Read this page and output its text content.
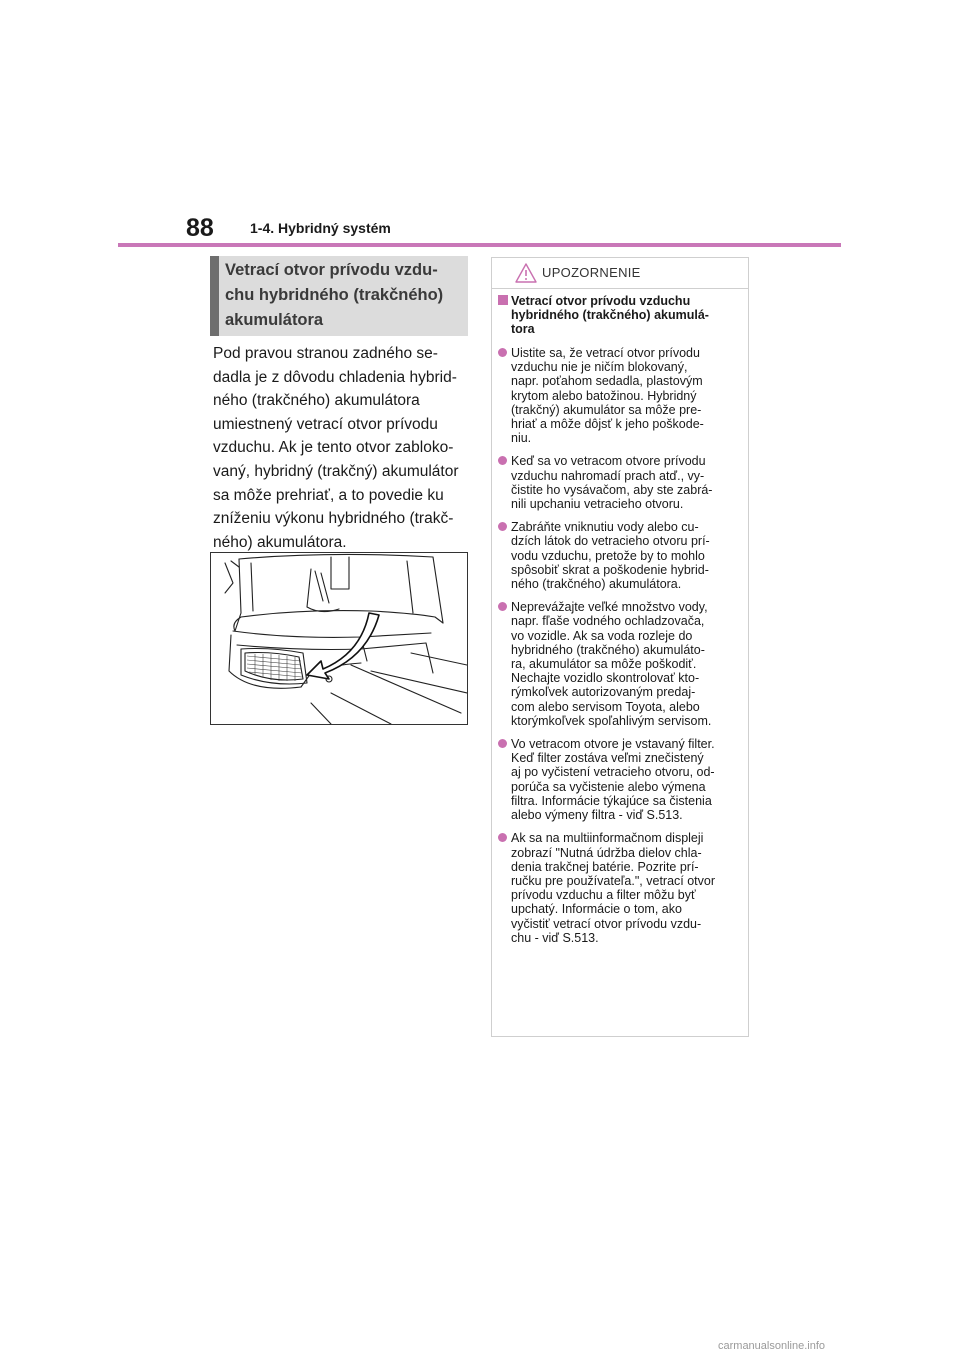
88	1-4. Hybridný systém
Vetrací otvor prívodu vzdu-
chu hybridného (trakčného)
akumulátora
Pod pravou stranou zadného se-
dadla je z dôvodu chladenia hybrid-
ného (trakčného) akumulátora
umiestnený vetrací otvor prívodu
vzduchu. Ak je tento otvor zabloko-
vaný, hybridný (trakčný) akumulátor
sa môže prehriať, a to povedie ku
zníženiu výkonu hybridného (trakč-
ného) akumulátora.
UPOZORNENIE
Vetrací otvor prívodu vzduchu
hybridného (trakčného) akumulá-
tora
Uistite sa, že vetrací otvor prívodu
vzduchu nie je ničím blokovaný,
napr. poťahom sedadla, plastovým
krytom alebo batožinou. Hybridný
(trakčný) akumulátor sa môže pre-
hriať a môže dôjsť k jeho poškode-
niu.
Keď sa vo vetracom otvore prívodu
vzduchu nahromadí prach atď., vy-
čistite ho vysávačom, aby ste zabrá-
nili upchaniu vetracieho otvoru.
Zabráňte vniknutiu vody alebo cu-
dzích látok do vetracieho otvoru prí-
vodu vzduchu, pretože by to mohlo
spôsobiť skrat a poškodenie hybrid-
ného (trakčného) akumulátora.
Neprevážajte veľké množstvo vody,
napr. fľaše vodného ochladzovača,
vo vozidle. Ak sa voda rozleje do
hybridného (trakčného) akumuláto-
ra, akumulátor sa môže poškodiť.
Nechajte vozidlo skontrolovať kto-
rýmkoľvek autorizovaným predaj-
com alebo servisom Toyota, alebo
ktorýmkoľvek spoľahlivým servisom.
Vo vetracom otvore je vstavaný filter.
Keď filter zostáva veľmi znečistený
aj po vyčistení vetracieho otvoru, od-
porúča sa vyčistenie alebo výmena
filtra. Informácie týkajúce sa čistenia
alebo výmeny filtra - viď S.513.
Ak sa na multiinformačnom displeji
zobrazí "Nutná údržba dielov chla-
denia trakčnej batérie. Pozrite prí-
ručku pre používateľa.", vetrací otvor
prívodu vzduchu a filter môžu byť
upchatý. Informácie o tom, ako
vyčistiť vetrací otvor prívodu vzdu-
chu - viď S.513.
carmanualsonline.info
